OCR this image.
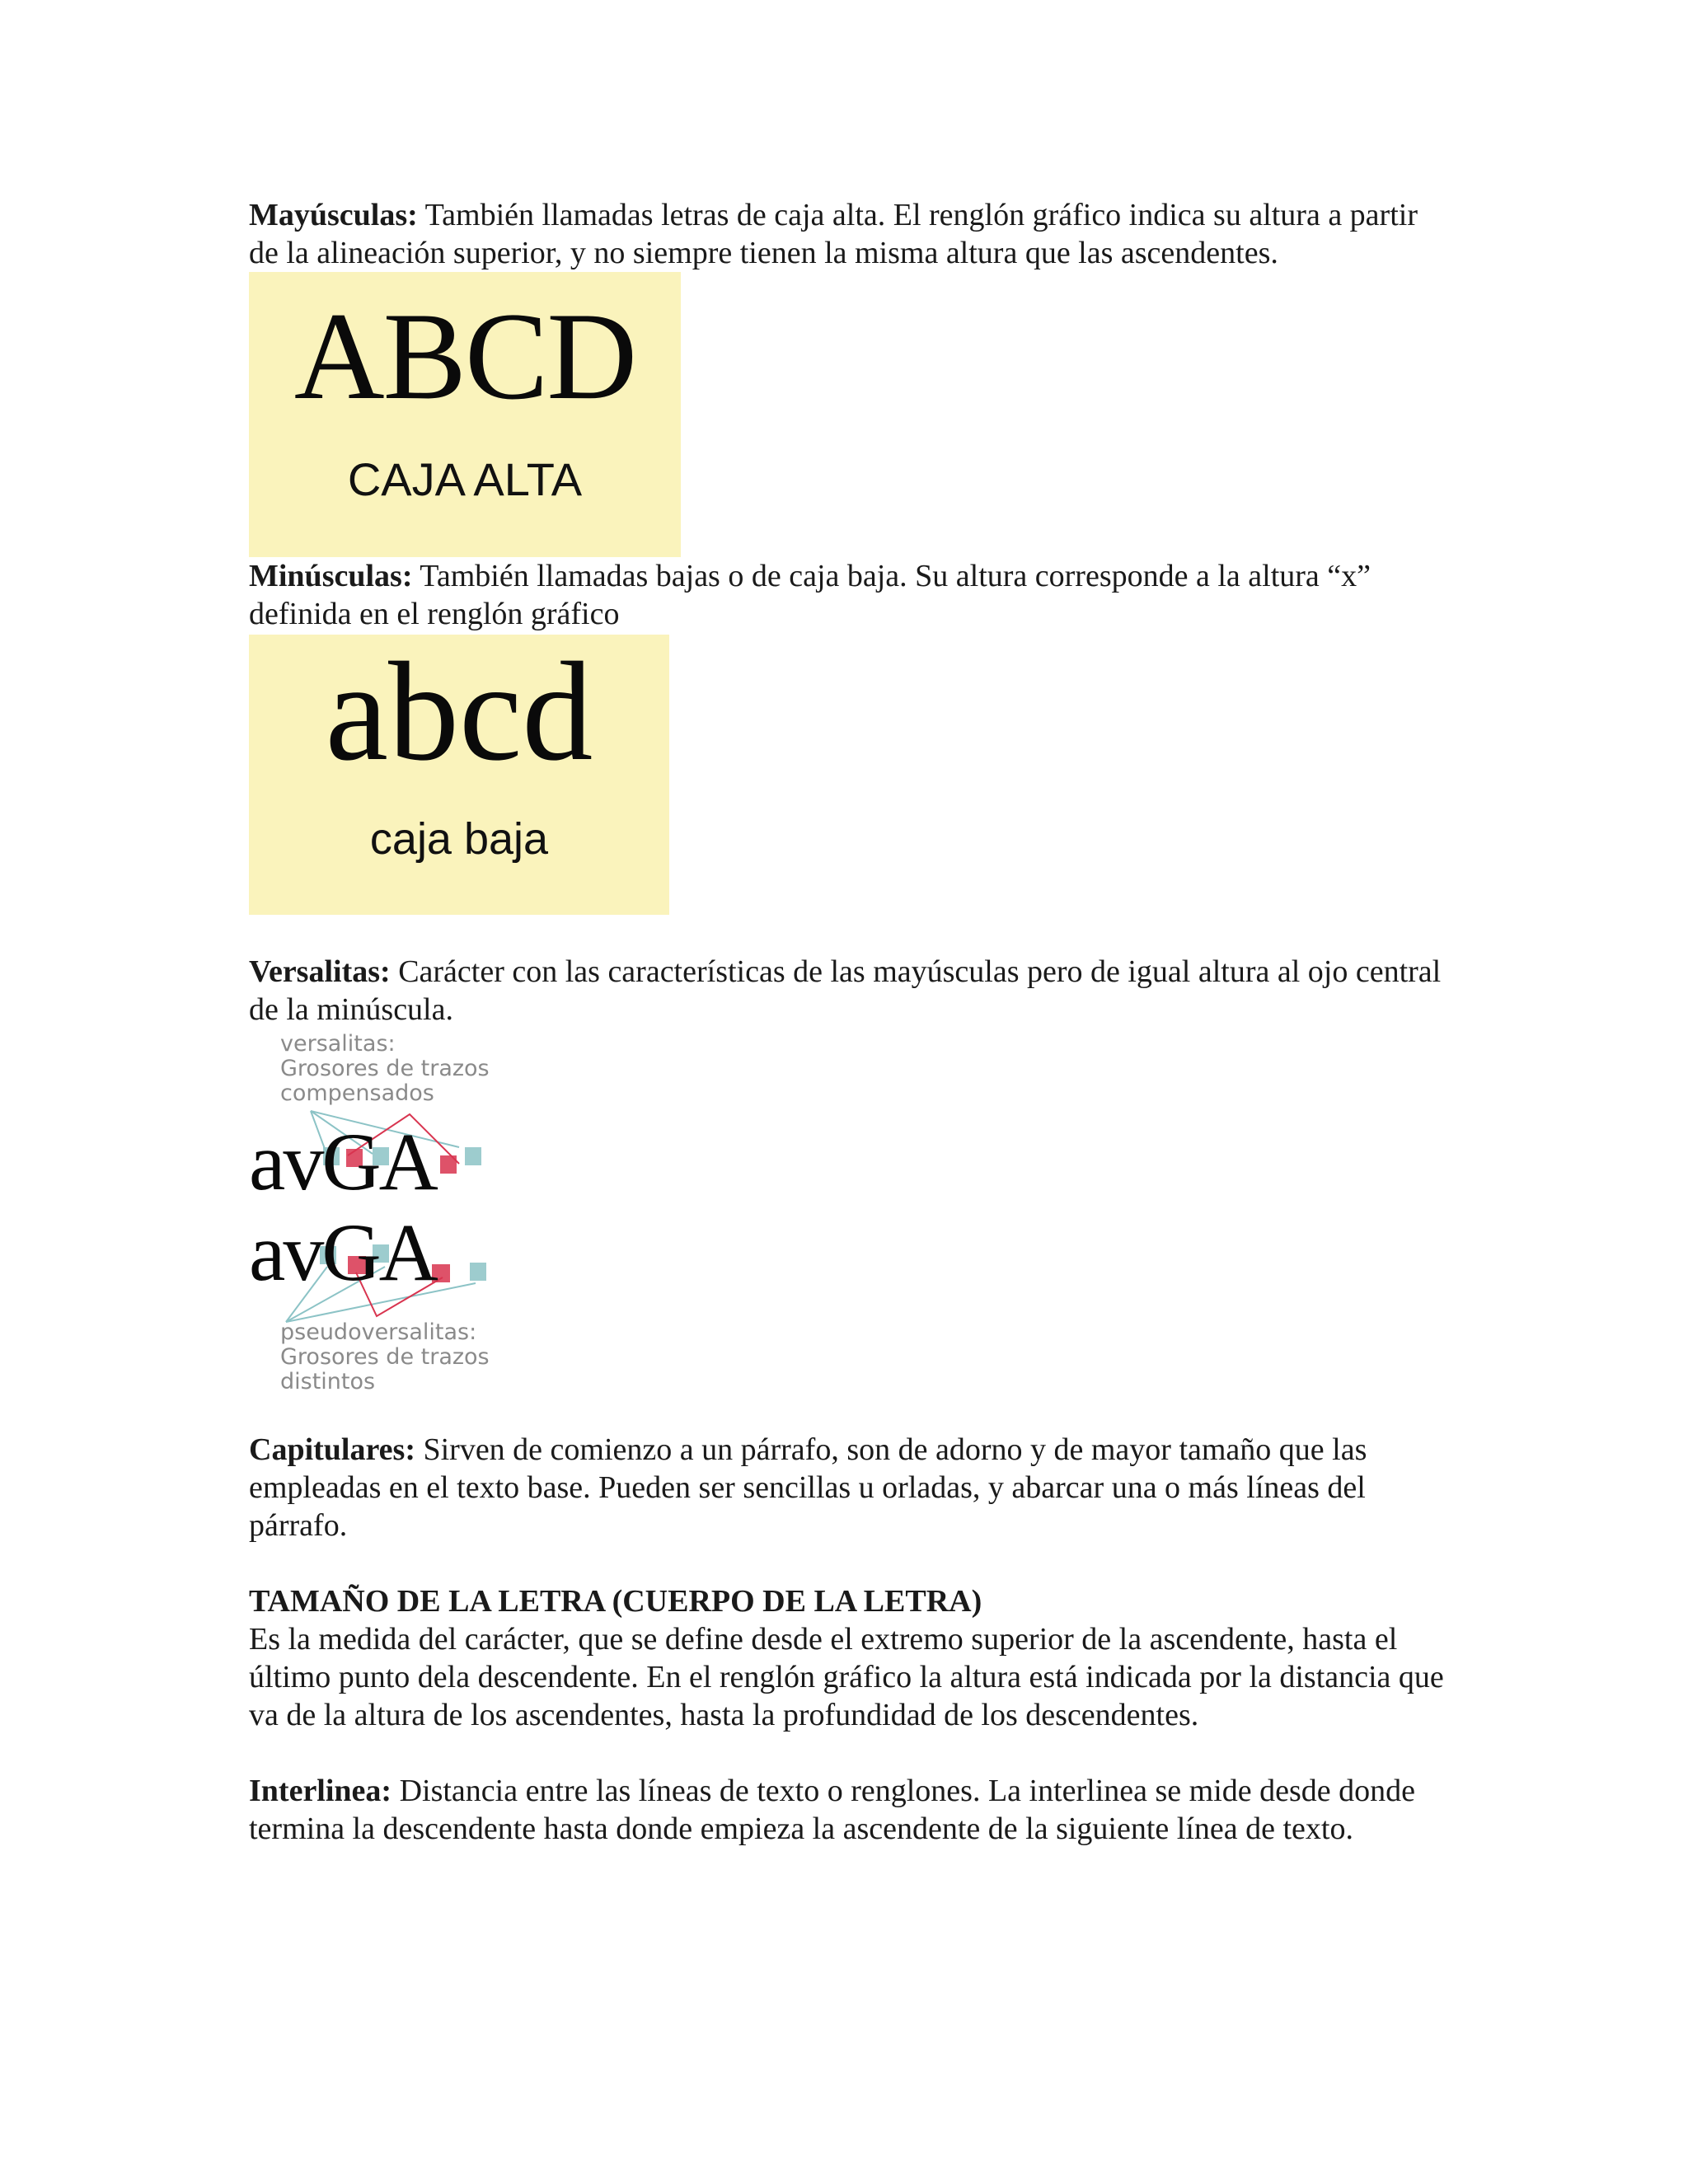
Mayúsculas: También llamadas letras de caja alta. El renglón gráfico indica su altura a partir de la alineación superior, y no siempre tienen la misma altura que las ascendentes.

ABCD
CAJA ALTA

Minúsculas: También llamadas bajas o de caja baja. Su altura corresponde a la altura “x” definida en el renglón gráfico

abcd
caja baja

Versalitas: Carácter con las características de las mayúsculas pero de igual altura al ojo central de la minúscula.

versalitas:
Grosores de trazos
compensados
avGA
avGA
pseudoversalitas:
Grosores de trazos
distintos

Capitulares: Sirven de comienzo a un párrafo, son de adorno y de mayor tamaño que las empleadas en el texto base. Pueden ser sencillas u orladas, y abarcar una o más líneas del párrafo.

TAMAÑO DE LA LETRA (CUERPO DE LA LETRA)

Es la medida del carácter, que se define desde el extremo superior de la ascendente, hasta el último punto dela descendente. En el renglón gráfico la altura está indicada por la distancia que va de la altura de los ascendentes, hasta la profundidad de los descendentes.

Interlinea: Distancia entre las líneas de texto o renglones. La interlinea se mide desde donde termina la descendente hasta donde empieza la ascendente de la siguiente línea de texto.
